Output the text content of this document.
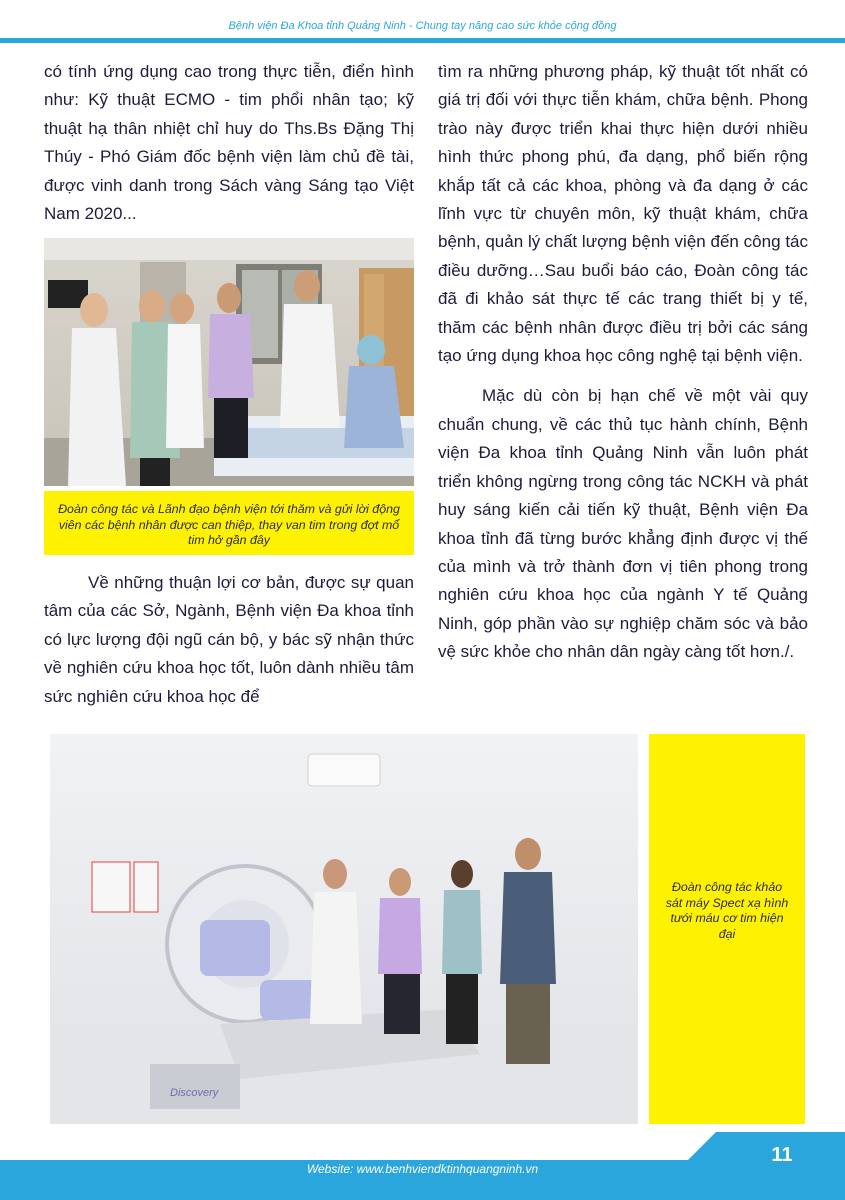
Bệnh viện Đa Khoa tỉnh Quảng Ninh - Chung tay nâng cao sức khỏe cộng đồng

có tính ứng dụng cao trong thực tiễn, điển hình như: Kỹ thuật ECMO - tim phổi nhân tạo; kỹ thuật hạ thân nhiệt chỉ huy do Ths.Bs Đặng Thị Thúy - Phó Giám đốc bệnh viện làm chủ đề tài, được vinh danh trong Sách vàng Sáng tạo Việt Nam 2020...

Đoàn công tác và Lãnh đạo bệnh viện tới thăm và gửi lời động viên các bệnh nhân được can thiệp, thay van tim trong đợt mổ tim hở gần đây

Về những thuận lợi cơ bản, được sự quan tâm của các Sở, Ngành, Bệnh viện Đa khoa tỉnh có lực lượng đội ngũ cán bộ, y bác sỹ nhận thức về nghiên cứu khoa học tốt, luôn dành nhiều tâm sức nghiên cứu khoa học để

tìm ra những phương pháp, kỹ thuật tốt nhất có giá trị đối với thực tiễn khám, chữa bệnh. Phong trào này được triển khai thực hiện dưới nhiều hình thức phong phú, đa dạng, phổ biến rộng khắp tất cả các khoa, phòng và đa dạng ở các lĩnh vực từ chuyên môn, kỹ thuật khám, chữa bệnh, quản lý chất lượng bệnh viện đến công tác điều dưỡng…Sau buổi báo cáo, Đoàn công tác đã đi khảo sát thực tế các trang thiết bị y tế, thăm các bệnh nhân được điều trị bởi các sáng tạo ứng dụng khoa học công nghệ tại bệnh viện.

Mặc dù còn bị hạn chế về một vài quy chuẩn chung, về các thủ tục hành chính, Bệnh viện Đa khoa tỉnh Quảng Ninh vẫn luôn phát triển không ngừng trong công tác NCKH và phát huy sáng kiến cải tiến kỹ thuật, Bệnh viện Đa khoa tỉnh đã từng bước khẳng định được vị thế của mình và trở thành đơn vị tiên phong trong nghiên cứu khoa học của ngành Y tế Quảng Ninh, góp phần vào sự nghiệp chăm sóc và bảo vệ sức khỏe cho nhân dân ngày càng tốt hơn./.

Discovery
Đoàn công tác khảo sát máy Spect xạ hình tưới máu cơ tim hiện đại
Website: www.benhviendktinhquangninh.vn
11
